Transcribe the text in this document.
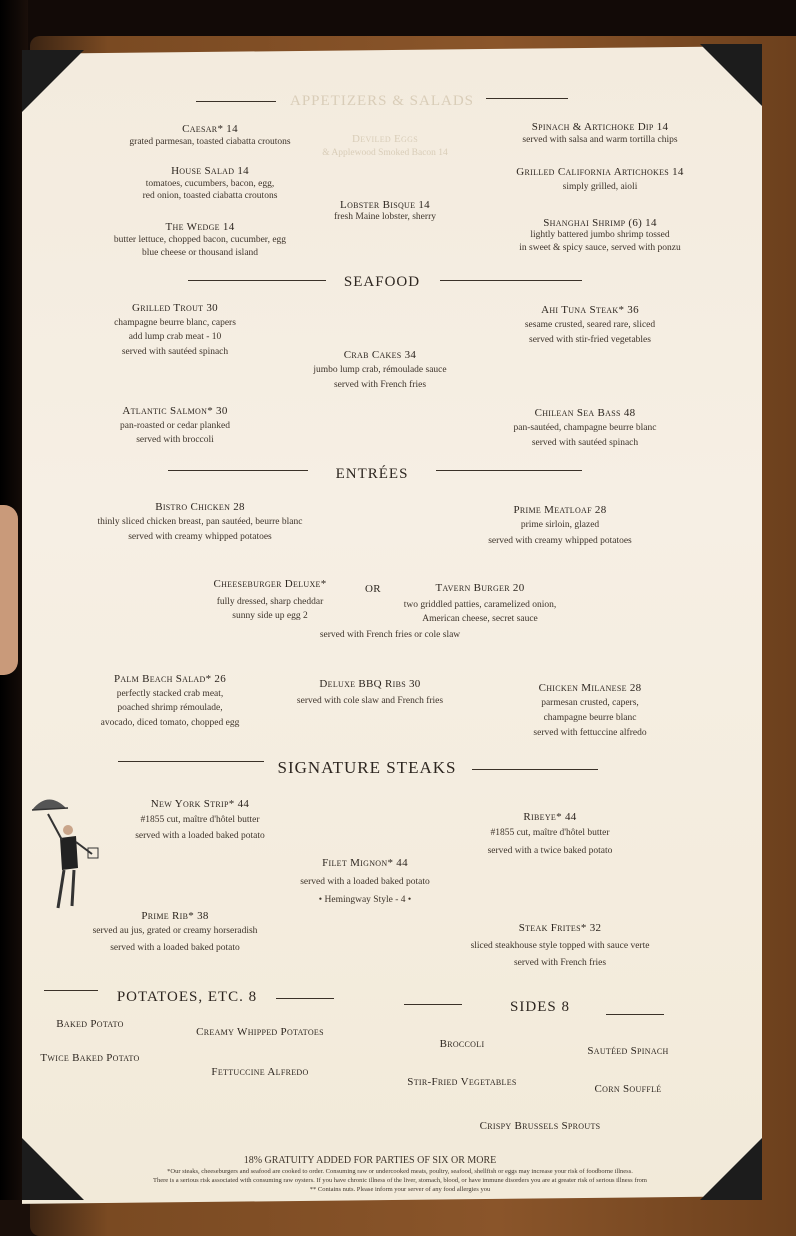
APPETIZERS & SALADS
Caesar* 14
grated parmesan, toasted ciabatta croutons	Deviled Eggs
& Applewood Smoked Bacon 14
Spinach & Artichoke Dip 14
served with salsa and warm tortilla chips
House Salad 14
tomatoes, cucumbers, bacon, egg,
red onion, toasted ciabatta croutons
Grilled California Artichokes 14
simply grilled, aioli
Lobster Bisque 14
fresh Maine lobster, sherry
The Wedge 14
butter lettuce, chopped bacon, cucumber, egg
blue cheese or thousand island
Shanghai Shrimp (6) 14
lightly battered jumbo shrimp tossed
in sweet & spicy sauce, served with ponzu
SEAFOOD
Grilled Trout 30
champagne beurre blanc, capers
add lump crab meat - 10
served with sautéed spinach
Ahi Tuna Steak* 36
sesame crusted, seared rare, sliced
served with stir-fried vegetables
Crab Cakes 34
jumbo lump crab, rémoulade sauce
served with French fries
Atlantic Salmon* 30
pan-roasted or cedar planked
served with broccoli
Chilean Sea Bass 48
pan-sautéed, champagne beurre blanc
served with sautéed spinach
ENTRÉES
Bistro Chicken 28
thinly sliced chicken breast, pan sautéed, beurre blanc
served with creamy whipped potatoes
Prime Meatloaf 28
prime sirloin, glazed
served with creamy whipped potatoes
Cheeseburger Deluxe*
fully dressed, sharp cheddar
sunny side up egg 2
OR	Tavern Burger 20
two griddled patties, caramelized onion,
American cheese, secret sauce
served with French fries or cole slaw
Palm Beach Salad* 26
perfectly stacked crab meat,
poached shrimp rémoulade,
avocado, diced tomato, chopped egg
Deluxe BBQ Ribs 30
served with cole slaw and French fries
Chicken Milanese 28
parmesan crusted, capers,
champagne beurre blanc
served with fettuccine alfredo
SIGNATURE STEAKS
New York Strip* 44
#1855 cut, maître d'hôtel butter
served with a loaded baked potato
Ribeye* 44
#1855 cut, maître d'hôtel butter
served with a twice baked potato
Filet Mignon* 44
served with a loaded baked potato
• Hemingway Style - 4 •
Prime Rib* 38
served au jus, grated or creamy horseradish
served with a loaded baked potato
Steak Frites* 32
sliced steakhouse style topped with sauce verte
served with French fries
POTATOES, ETC. 8
Baked Potato
Creamy Whipped Potatoes
Twice Baked Potato
Fettuccine Alfredo
SIDES 8
Broccoli
Sautéed Spinach
Stir-Fried Vegetables
Corn Soufflé
Crispy Brussels Sprouts
18% GRATUITY ADDED FOR PARTIES OF SIX OR MORE
*Our steaks, cheeseburgers and seafood are cooked to order. Consuming raw or undercooked meats, poultry, seafood, shellfish or eggs may increase your risk of foodborne illness.
There is a serious risk associated with consuming raw oysters. If you have chronic illness of the liver, stomach, blood, or have immune disorders you are at greater risk of serious illness from
** Contains nuts. Please inform your server of any food allergies you
